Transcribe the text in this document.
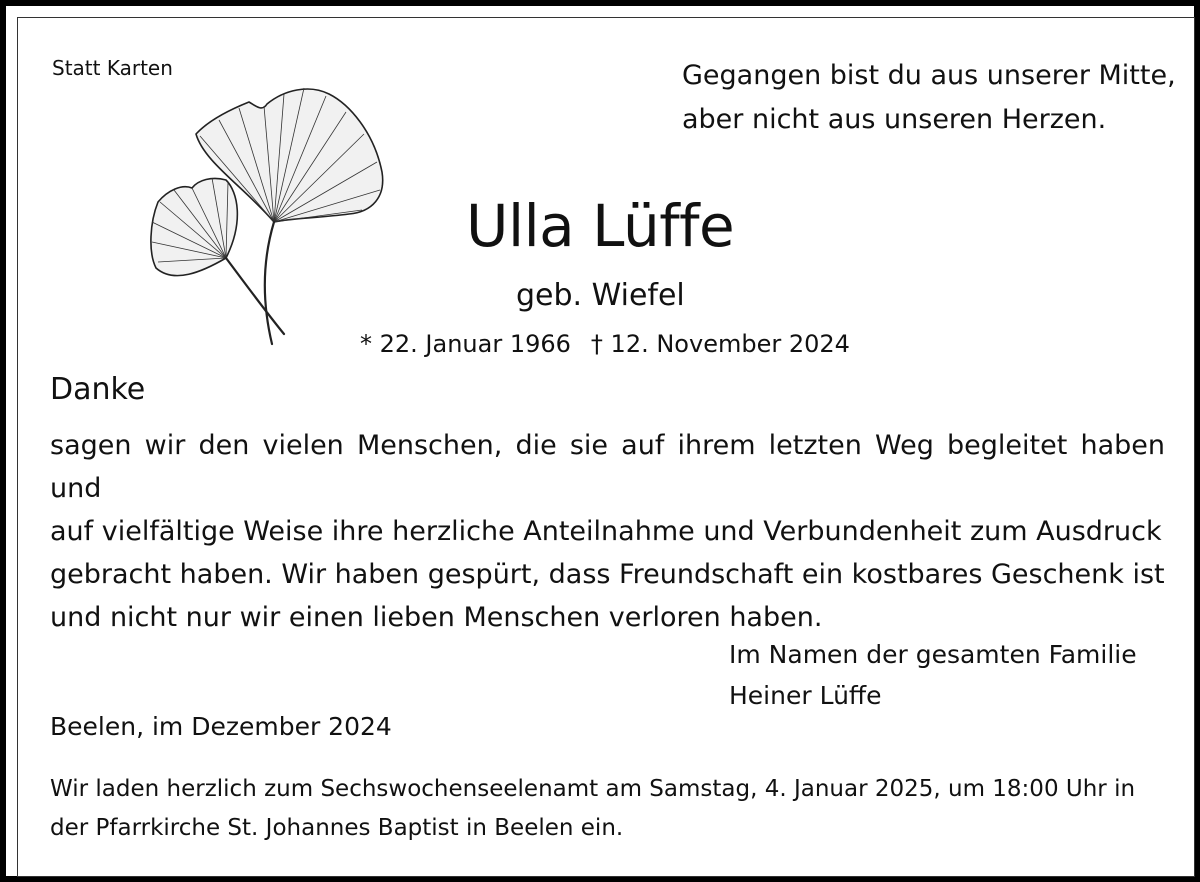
Statt Karten	Gegangen bist du aus unserer Mitte,
aber nicht aus unseren Herzen.
Ulla Lüffe
geb. Wiefel
* 22. Januar 1966 † 12. November 2024
Danke
sagen wir den vielen Menschen, die sie auf ihrem letzten Weg begleitet haben und
auf vielfältige Weise ihre herzliche Anteilnahme und Verbundenheit zum Ausdruck
gebracht haben. Wir haben gespürt, dass Freundschaft ein kostbares Geschenk ist
und nicht nur wir einen lieben Menschen verloren haben.
Im Namen der gesamten Familie
Heiner Lüffe
Beelen, im Dezember 2024
Wir laden herzlich zum Sechswochenseelenamt am Samstag, 4. Januar 2025, um 18:00 Uhr in
der Pfarrkirche St. Johannes Baptist in Beelen ein.
